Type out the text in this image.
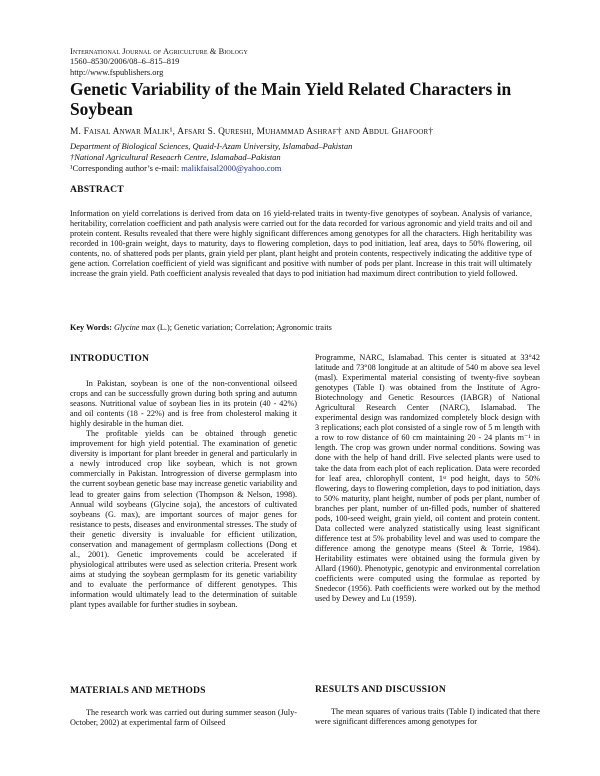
International Journal of Agriculture & Biology
1560–8530/2006/08–6–815–819
http://www.fspublishers.org
Genetic Variability of the Main Yield Related Characters in Soybean
M. Faisal Anwar Malik¹, Afsari S. Qureshi, Muhammad Ashraf† and Abdul Ghafoor†
Department of Biological Sciences, Quaid-I-Azam University, Islamabad–Pakistan
†National Agricultural Reseacrh Centre, Islamabad–Pakistan
¹Corresponding author’s e-mail: malikfaisal2000@yahoo.com
ABSTRACT
Information on yield correlations is derived from data on 16 yield-related traits in twenty-five genotypes of soybean. Analysis of variance, heritability, correlation coefficient and path analysis were carried out for the data recorded for various agronomic and yield traits and oil and protein content. Results revealed that there were highly significant differences among genotypes for all the characters. High heritability was recorded in 100-grain weight, days to maturity, days to flowering completion, days to pod initiation, leaf area, days to 50% flowering, oil contents, no. of shattered pods per plants, grain yield per plant, plant height and protein contents, respectively indicating the additive type of gene action. Correlation coefficient of yield was significant and positive with number of pods per plant. Increase in this trait will ultimately increase the grain yield. Path coefficient analysis revealed that days to pod initiation had maximum direct contribution to yield followed.
Key Words: Glycine max (L.); Genetic variation; Correlation; Agronomic traits
INTRODUCTION

In Pakistan, soybean is one of the non-conventional oilseed crops and can be successfully grown during both spring and autumn seasons. Nutritional value of soybean lies in its protein (40 - 42%) and oil contents (18 - 22%) and is free from cholesterol making it highly desirable in the human diet.

The profitable yields can be obtained through genetic improvement for high yield potential. The examination of genetic diversity is important for plant breeder in general and particularly in a newly introduced crop like soybean, which is not grown commercially in Pakistan. Introgression of diverse germplasm into the current soybean genetic base may increase genetic variability and lead to greater gains from selection (Thompson & Nelson, 1998). Annual wild soybeans (Glycine soja), the ancestors of cultivated soybeans (G. max), are important sources of major genes for resistance to pests, diseases and environmental stresses. The study of their genetic diversity is invaluable for efficient utilization, conservation and management of germplasm collections (Dong et al., 2001). Genetic improvements could be accelerated if physiological attributes were used as selection criteria. Present work aims at studying the soybean germplasm for its genetic variability and to evaluate the performance of different genotypes. This information would ultimately lead to the determination of suitable plant types available for further studies in soybean.

MATERIALS AND METHODS

The research work was carried out during summer season (July-October, 2002) at experimental farm of Oilseed

Programme, NARC, Islamabad. This center is situated at 33°42 latitude and 73°08 longitude at an altitude of 540 m above sea level (masl). Experimental material consisting of twenty-five soybean genotypes (Table I) was obtained from the Institute of Agro-Biotechnology and Genetic Resources (IABGR) of National Agricultural Research Center (NARC), Islamabad. The experimental design was randomized completely block design with 3 replications; each plot consisted of a single row of 5 m length with a row to row distance of 60 cm maintaining 20 - 24 plants m⁻¹ in length. The crop was grown under normal conditions. Sowing was done with the help of hand drill. Five selected plants were used to take the data from each plot of each replication. Data were recorded for leaf area, chlorophyll content, 1ˢᵗ pod height, days to 50% flowering, days to flowering completion, days to pod initiation, days to 50% maturity, plant height, number of pods per plant, number of branches per plant, number of un-filled pods, number of shattered pods, 100-seed weight, grain yield, oil content and protein content. Data collected were analyzed statistically using least significant difference test at 5% probability level and was used to compare the difference among the genotype means (Steel & Torrie, 1984). Heritability estimates were obtained using the formula given by Allard (1960). Phenotypic, genotypic and environmental correlation coefficients were computed using the formulae as reported by Snedecor (1956). Path coefficients were worked out by the method used by Dewey and Lu (1959).
RESULTS AND DISCUSSION

The mean squares of various traits (Table I) indicated that there were significant differences among genotypes for
